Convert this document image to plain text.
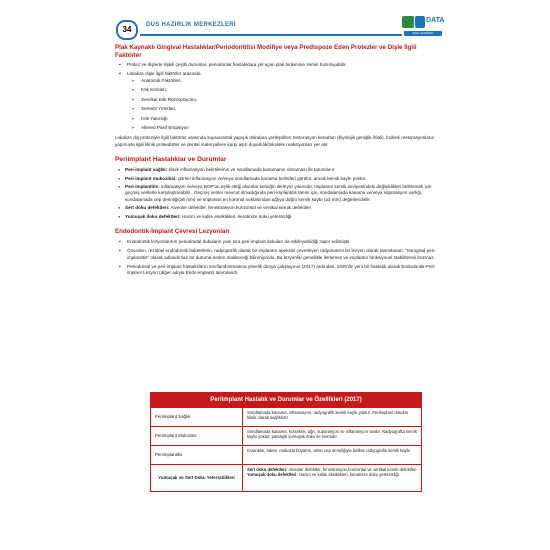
34	DUS HAZIRLIK MERKEZLERİ
DATA
DUS HAZIRLIK

Plak Kaynaklı Gingival Hastalıklar/Periodontitisi Modifiye veya Predispoze Eden Protezler ve Dişle İlgili Faktörler

▪ Protez ve dişlerle ilişkili çeşitli durumlar, periodontal hastalıklara yol açan plak birikimine zemin hazırlayabilir.
▪ Lokalize dişle ilgili faktörler arasında
➢ Anatomik Faktörleri,
➢ Kök Kırıkları,
➢ Servikal Kök Rezorpsiyonu,
➢ Sement Yırtıkları,
➢ Kök Yakınlığı
➢ Altered Pasif Erüpsiyon

Lokalize diş proteziyle ilgili faktörler arasında supracrestal yapışık dokulara yerleştirilen restorasyon kenarları (biyolojik genişlik ihlali), İndirek restorasyonların yapımıyla ilgili klinik prosedürler ve dental materyallere karşı aşırı duyarlılık/toksisite reaksiyonları yer alır.

Periimplant Hastalıklar ve Durumlar

● Peri-implant sağlık: klinik inflamasyon belirtilerinin ve sondlamada kanamanın olmaması ile tanımlanır
● Peri-implant mukozitisi: görsel inflamasyon ve/veya sondlamada kanama belirtileri görülür, ancak kemik kaybı yoktur.
● Peri-implantitis: inflamasyon ve/veya BOP'un eşlik ettiği alveolar kemiğin ilerleyici yıkımıdır. İmplantın kemik seviyesindeki değişiklikleri belirlemek için geçmiş verilerle karşılaştırılabilir . Geçmiş veriler mevcut olmadığında peri-implantitis tanısı için, sondalamada kanama ve/veya süpürasyon varlığı, sondalamada cep derinliği(≥6 mm) ve implantın en koronal noktasından ağlıya doğru kemik kaybı (≥3 mm) değerlendirilir.
● Sert doku defektleri: Alveoler defektler, fenestrasyon,horizontal ve vertikal kemik defektleri
● Yumuşak doku defektleri: Hacim ve kalite eksiklikleri, keratinize doku yetersizliği

Endodontik-İmplant Çevresi Lezyonları

▪ Endodontik lezyonlarının periodontal dokuların yanı sıra peri-implant dokuları da etkileyebildiği rapor edilmiştir.
▪ Önceden, rezidüel endodontik bakterilerin, radyografik olarak bir implantın apeksini çevreleyen radyolusent bir lezyon olarak tanımlanan, "retrograd peri-implantitis" olarak adlandırılan bir duruma neden olabileceği bilinmiyordu. Bu lezyonlar genellikle ilerlemez ve implantın fonksiyonel stabilitesini bozmaz.
▪ Periodontal ve peri-implant hastalıkların sınıflandırılmasına yönelik dünya çalıştayının (2017) ardından, 2020'de yeni bir hastalık olarak Endodontik-Peri-implant Lezyon (diğer adıyla Endo-implant) tanımlandı.
Periimplant Hastalık ve Durumlar ve Özellikleri (2017)
Periimplant Sağlık
Sondlamada kanama, inflamasyon, radyografik kemik kaybı yoktur. Periimplant dokular klinik olarak sağlıklıdır
Periimplant Mukozitis
Sondlamada kanama, kızarıklık, ağrı, supurasyon ve inflamasyon vardır. Radyografta kemik kaybı yoktur, patolojik yumuşak doku ile sınırlıdır.
Periimplantitis
Kızarıklık, ödem, mukozal büyüme, artan cep derinliğiyle birlikte radyografik kemik kaybı
Yumuşak ve Sert Doku Yetersizlikleri
Sert doku defektleri: Alveoler defektler, fenestrasyon,horizontal ve vertikal kemik defektleri
Yumuşak doku defektleri: Hacim ve kalite eksiklikleri, keratinize doku yetersizliği
